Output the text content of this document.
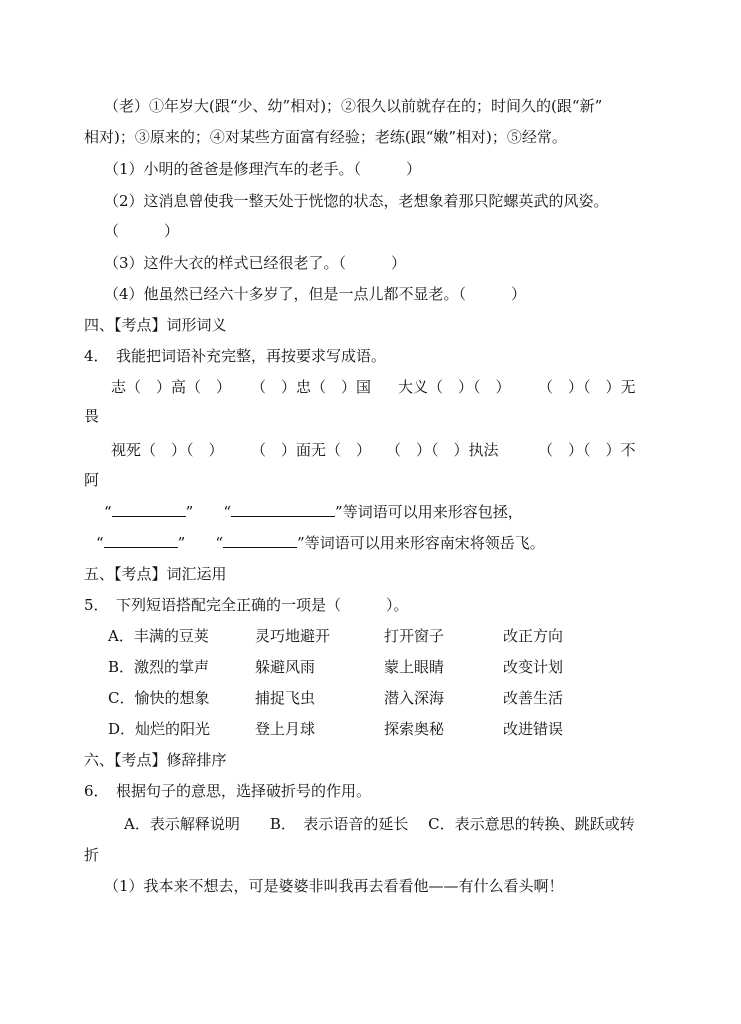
（老）①年岁大(跟“少、幼”相对)；②很久以前就存在的；时间久的(跟“新”
相对)；③原来的；④对某些方面富有经验；老练(跟“嫩”相对)；⑤经常。
（1）小明的爸爸是修理汽车的老手。（　　　）
（2）这消息曾使我一整天处于恍惚的状态，老想象着那只陀螺英武的风姿。
（　　　）
（3）这件大衣的样式已经很老了。（　　　）
（4）他虽然已经六十多岁了，但是一点儿都不显老。（　　　）
四、【考点】词形词义
4．　我能把词语补充完整，再按要求写成语。
志（　）高（　） （　）忠（　）国 大义（　）（　） （　）（　）无
畏
视死（　）（　） （　）面无（　） （　）（　）执法	（　）（　）不
阿
“	” “	”等词语可以用来形容包拯，
“	” “	”等词语可以用来形容南宋将领岳飞。
五、【考点】词汇运用
5．　下列短语搭配完全正确的一项是（　　　）。
A．丰满的豆荚	灵巧地避开	打开窗子	改正方向
B．激烈的掌声	躲避风雨	蒙上眼睛	改变计划
C．愉快的想象	捕捉飞虫	潜入深海	改善生活
D．灿烂的阳光	登上月球	探索奥秘	改进错误
六、【考点】修辞排序
6．　根据句子的意思，选择破折号的作用。
A．表示解释说明　　B．　表示语音的延长　 C．表示意思的转换、跳跃或转
折
（1）我本来不想去，可是婆婆非叫我再去看看他——有什么看头啊！
